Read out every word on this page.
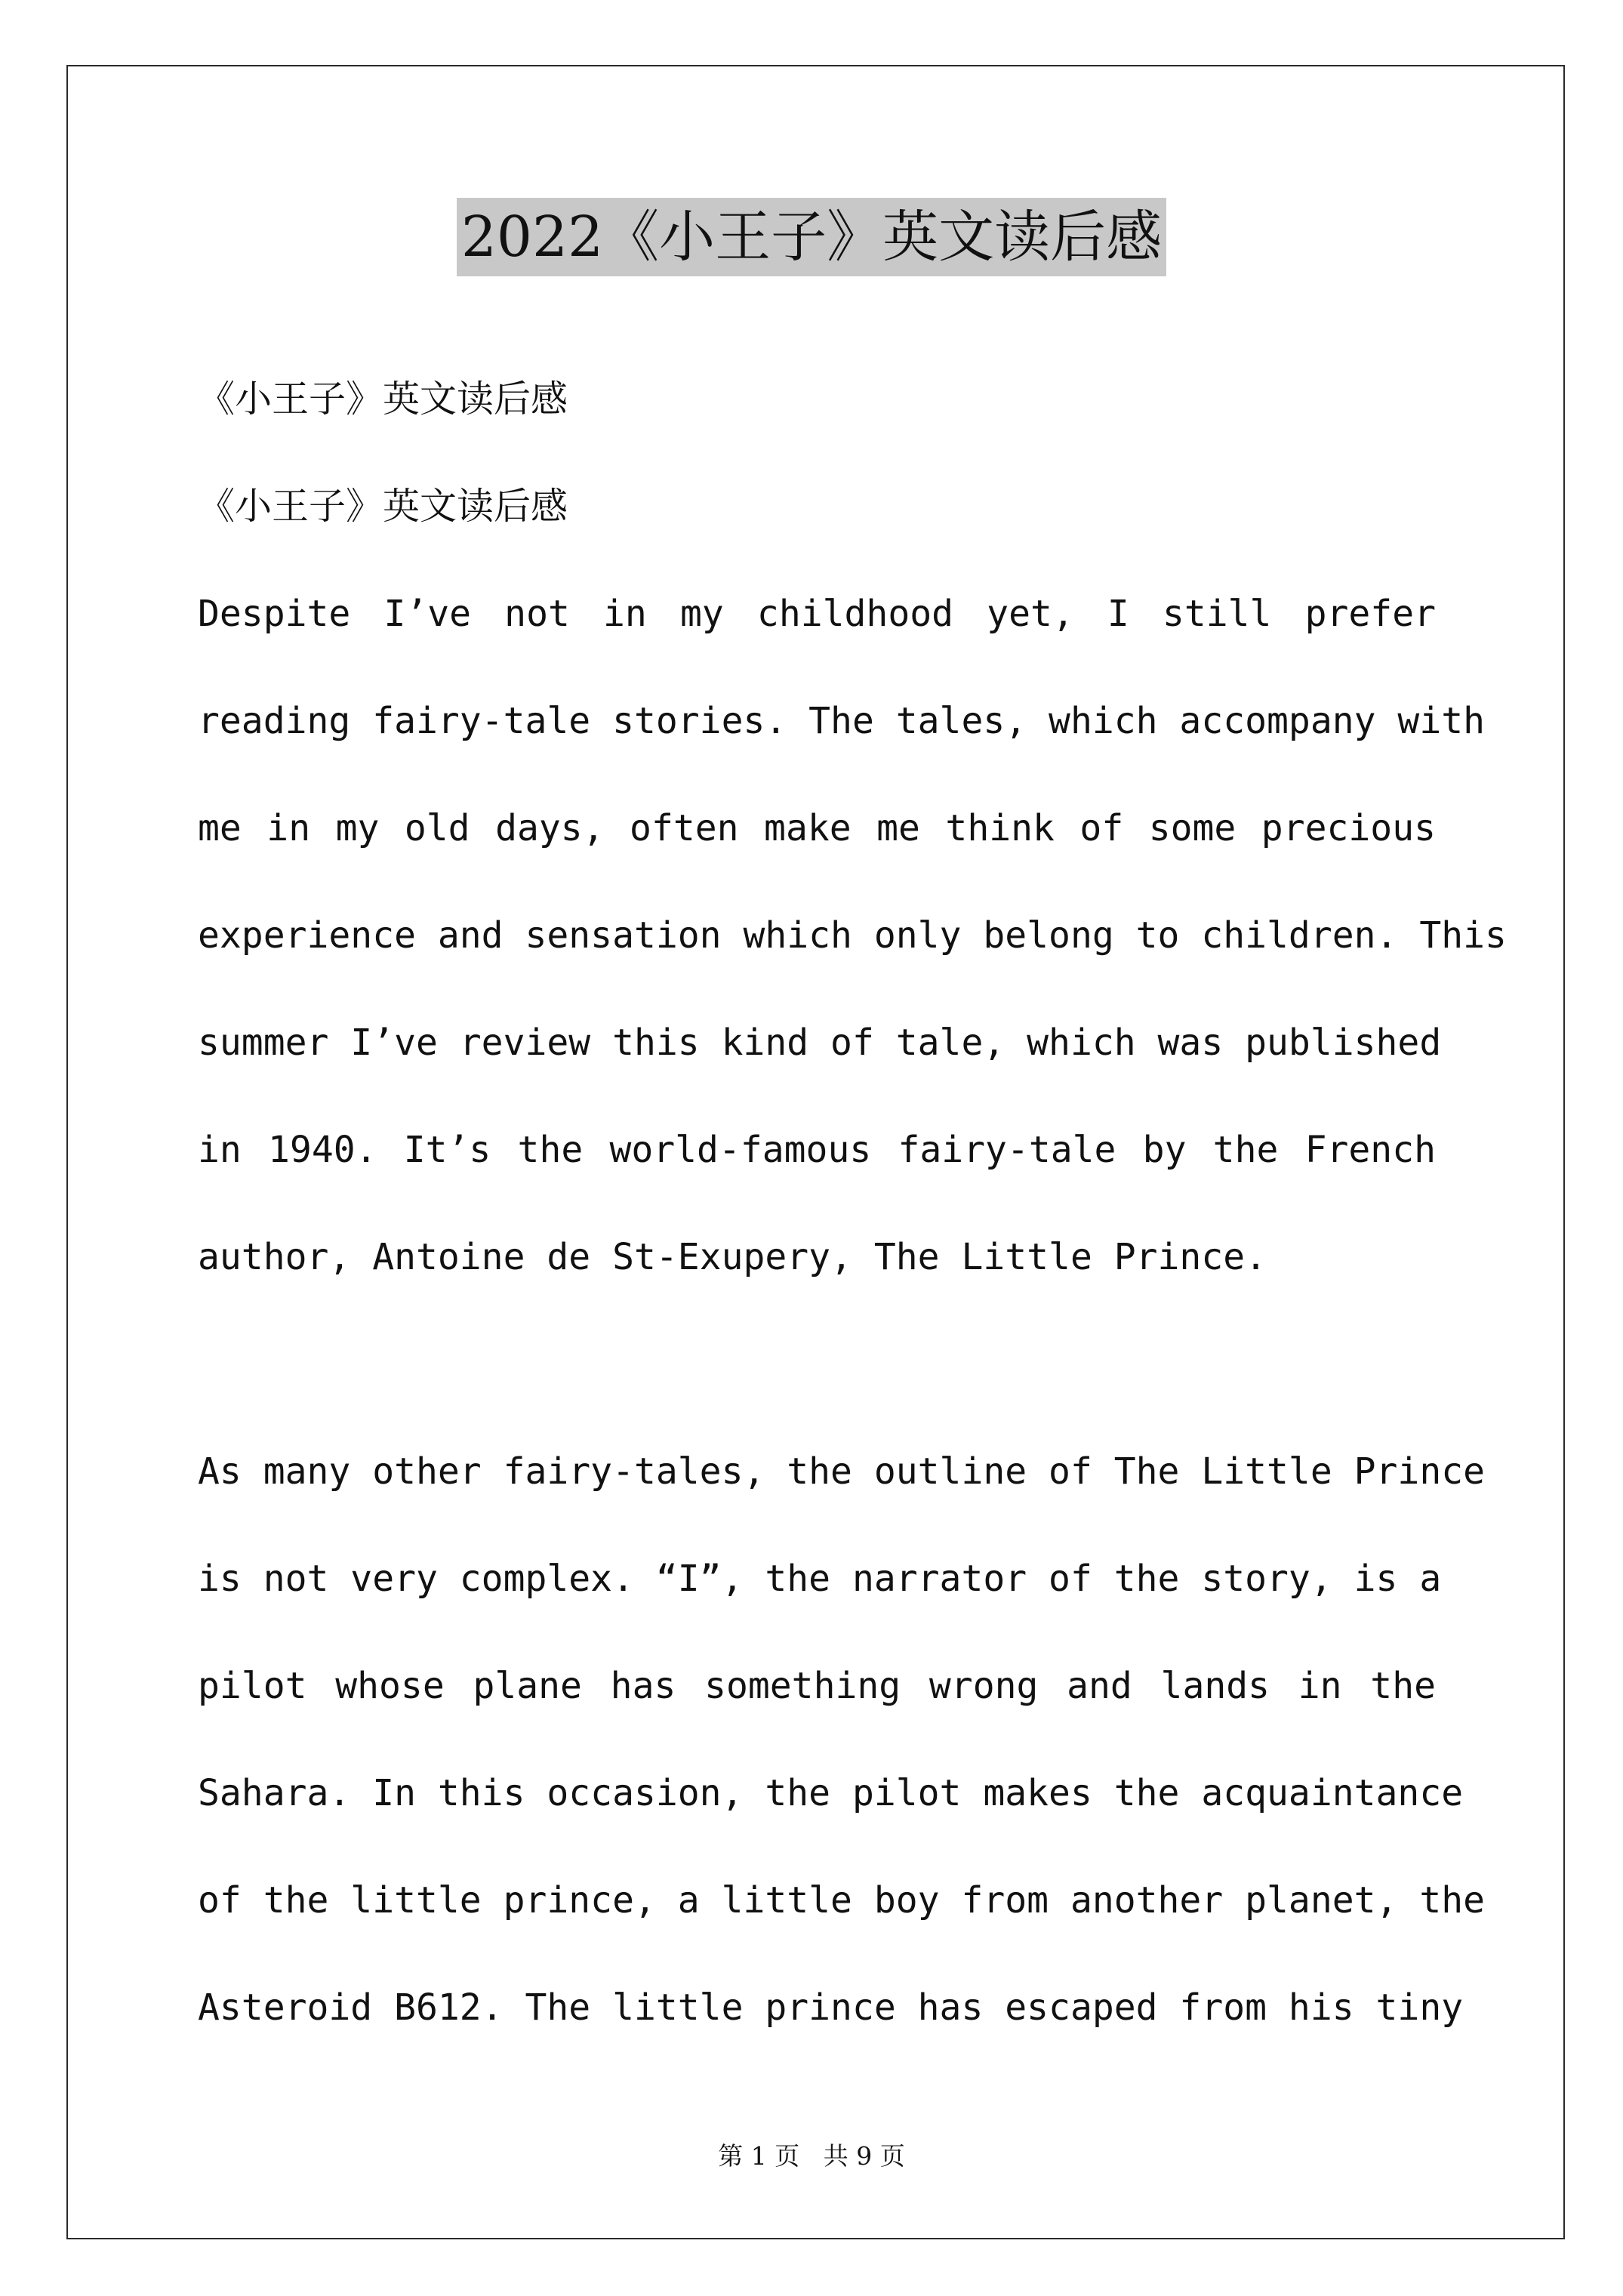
2022《小王子》英文读后感

《小王子》英文读后感

《小王子》英文读后感

Despite I’ve not in my childhood yet, I still prefer
reading fairy-tale stories. The tales, which accompany with
me in my old days, often make me think of some precious
experience and sensation which only belong to children. This
summer I’ve review this kind of tale, which was published
in 1940. It’s the world-famous fairy-tale by the French
author, Antoine de St-Exupery, The Little Prince.
As many other fairy-tales, the outline of The Little Prince
is not very complex. “I”, the narrator of the story, is a
pilot whose plane has something wrong and lands in the
Sahara. In this occasion, the pilot makes the acquaintance
of the little prince, a little boy from another planet, the
Asteroid B612. The little prince has escaped from his tiny
第 1 页 共 9 页
